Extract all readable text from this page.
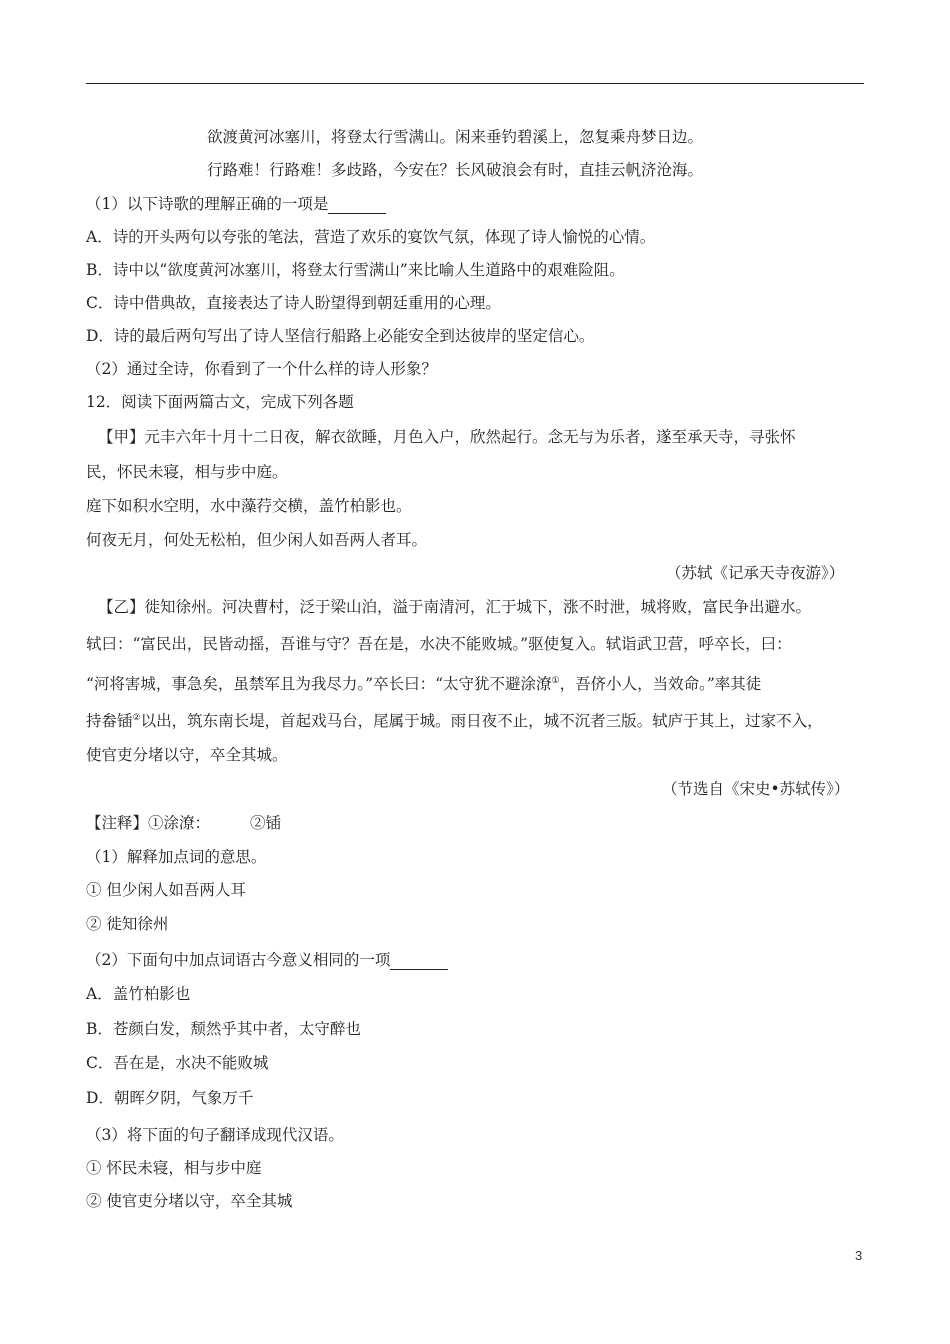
欲渡黄河冰塞川，将登太行雪满山。闲来垂钓碧溪上，忽复乘舟梦日边。
行路难！行路难！多歧路，今安在？长风破浪会有时，直挂云帆济沧海。
（1）以下诗歌的理解正确的一项是
A．诗的开头两句以夸张的笔法，营造了欢乐的宴饮气氛，体现了诗人愉悦的心情。
B．诗中以“欲度黄河冰塞川，将登太行雪满山”来比喻人生道路中的艰难险阻。
C．诗中借典故，直接表达了诗人盼望得到朝廷重用的心理。
D．诗的最后两句写出了诗人坚信行船路上必能安全到达彼岸的坚定信心。
（2）通过全诗，你看到了一个什么样的诗人形象？
12．阅读下面两篇古文，完成下列各题
【甲】元丰六年十月十二日夜，解衣欲睡，月色入户，欣然起行。念无与为乐者，遂至承天寺，寻张怀
民，怀民未寝，相与步中庭。
庭下如积水空明，水中藻荇交横，盖竹柏影也。
何夜无月，何处无松柏，但少闲人如吾两人者耳。
（苏轼《记承天寺夜游》）
【乙】徙知徐州。河决曹村，泛于梁山泊，溢于南清河，汇于城下，涨不时泄，城将败，富民争出避水。
轼曰：“富民出，民皆动摇，吾谁与守？吾在是，水决不能败城。”驱使复入。轼诣武卫营，呼卒长，曰：
“河将害城，事急矣，虽禁军且为我尽力。”卒长曰：“太守犹不避涂潦①，吾侪小人，当效命。”率其徒
持畚锸②以出，筑东南长堤，首起戏马台，尾属于城。雨日夜不止，城不沉者三版。轼庐于其上，过家不入，
使官吏分堵以守，卒全其城。
（节选自《宋史•苏轼传》）
【注释】①涂潦：	②锸
（1）解释加点词的意思。
① 但少闲人如吾两人耳
② 徙知徐州
（2）下面句中加点词语古今意义相同的一项
A．盖竹柏影也
B．苍颜白发，颓然乎其中者，太守醉也
C．吾在是，水决不能败城
D．朝晖夕阴，气象万千
（3）将下面的句子翻译成现代汉语。
① 怀民未寝，相与步中庭
② 使官吏分堵以守，卒全其城
3
